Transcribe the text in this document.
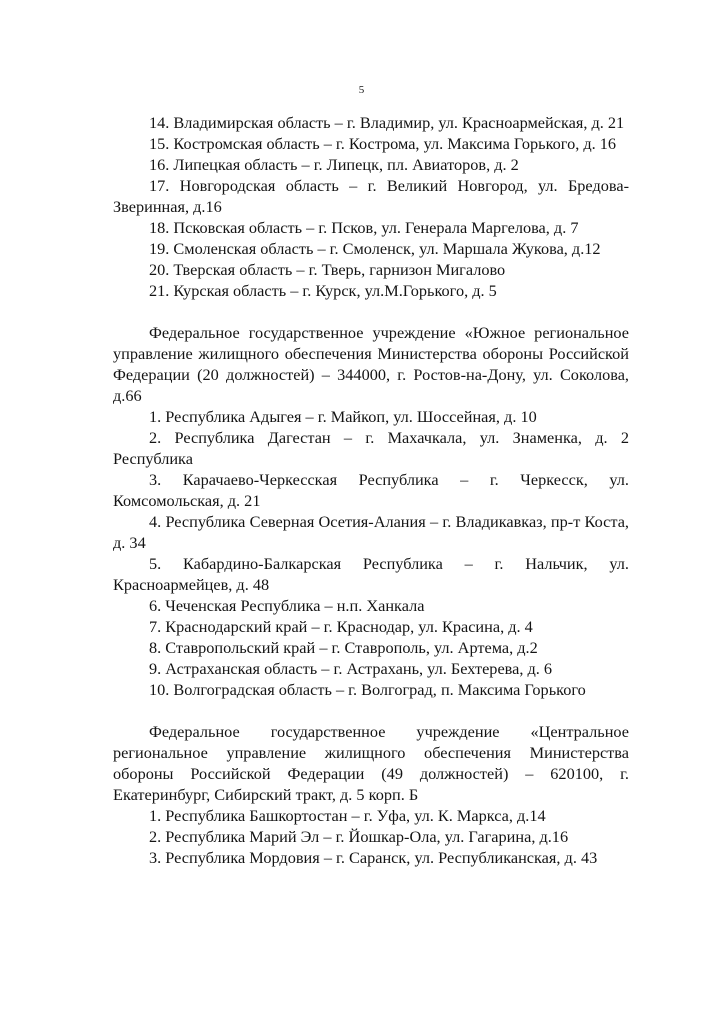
5

14. Владимирская область – г. Владимир, ул. Красноармейская, д. 21

15. Костромская область – г. Кострома, ул. Максима Горького, д. 16

16. Липецкая область – г. Липецк, пл. Авиаторов, д. 2

17. Новгородская область – г. Великий Новгород, ул. Бредова-Зверинная, д.16

18. Псковская область – г. Псков, ул. Генерала Маргелова, д. 7

19. Смоленская область – г. Смоленск, ул. Маршала Жукова, д.12

20. Тверская область – г. Тверь, гарнизон Мигалово

21. Курская область – г. Курск, ул.М.Горького, д. 5

Федеральное государственное учреждение «Южное региональное управление жилищного обеспечения Министерства обороны Российской Федерации (20 должностей) – 344000, г. Ростов-на-Дону, ул. Соколова, д.66

1. Республика Адыгея – г. Майкоп, ул. Шоссейная, д. 10

2. Республика Дагестан – г. Махачкала, ул. Знаменка, д. 2 Республика

3. Карачаево-Черкесская Республика – г. Черкесск, ул. Комсомольская, д. 21

4. Республика Северная Осетия-Алания – г. Владикавказ, пр-т Коста, д. 34

5. Кабардино-Балкарская Республика – г. Нальчик, ул. Красноармейцев, д. 48

6. Чеченская Республика – н.п. Ханкала

7. Краснодарский край – г. Краснодар, ул. Красина, д. 4

8. Ставропольский край – г. Ставрополь, ул. Артема, д.2

9. Астраханская область – г. Астрахань, ул. Бехтерева, д. 6

10. Волгоградская область – г. Волгоград, п. Максима Горького

Федеральное государственное учреждение «Центральное региональное управление жилищного обеспечения Министерства обороны Российской Федерации (49 должностей) – 620100, г. Екатеринбург, Сибирский тракт, д. 5 корп. Б

1. Республика Башкортостан – г. Уфа, ул. К. Маркса, д.14

2. Республика Марий Эл – г. Йошкар-Ола, ул. Гагарина, д.16

3. Республика Мордовия – г. Саранск, ул. Республиканская, д. 43
